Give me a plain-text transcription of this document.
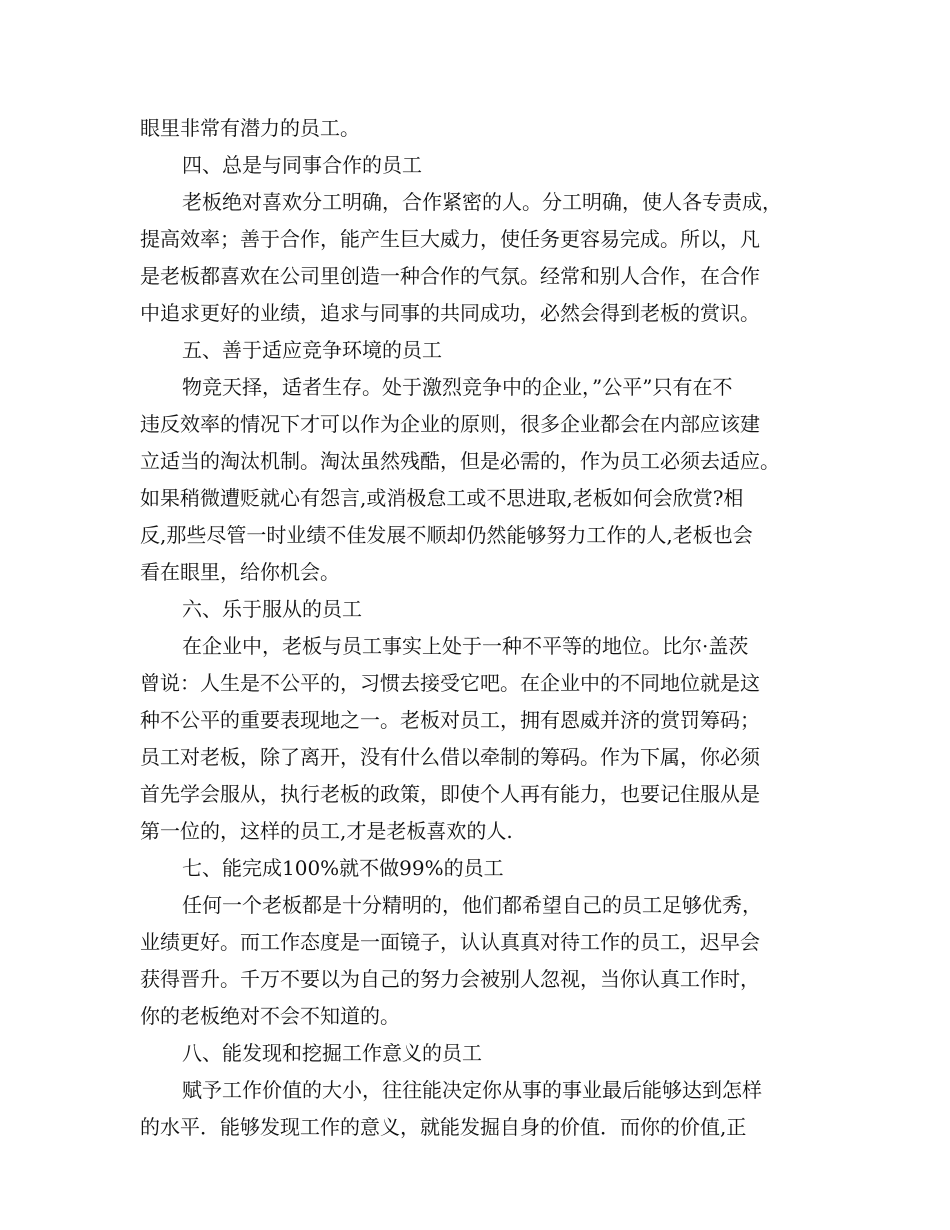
眼里非常有潜力的员工。

四、总是与同事合作的员工

老板绝对喜欢分工明确，合作紧密的人。分工明确，使人各专责成，

提高效率；善于合作，能产生巨大威力，使任务更容易完成。所以，凡

是老板都喜欢在公司里创造一种合作的气氛。经常和别人合作，在合作

中追求更好的业绩，追求与同事的共同成功，必然会得到老板的赏识。

五、善于适应竞争环境的员工

物竞天择，适者生存。处于激烈竞争中的企业，”公平”只有在不

违反效率的情况下才可以作为企业的原则，很多企业都会在内部应该建

立适当的淘汰机制。淘汰虽然残酷，但是必需的，作为员工必须去适应。

如果稍微遭贬就心有怨言,或消极怠工或不思进取,老板如何会欣赏?相

反,那些尽管一时业绩不佳发展不顺却仍然能够努力工作的人,老板也会

看在眼里，给你机会。

六、乐于服从的员工

在企业中，老板与员工事实上处于一种不平等的地位。比尔·盖茨

曾说：人生是不公平的，习惯去接受它吧。在企业中的不同地位就是这

种不公平的重要表现地之一。老板对员工，拥有恩威并济的赏罚筹码；

员工对老板，除了离开，没有什么借以牵制的筹码。作为下属，你必须

首先学会服从，执行老板的政策，即使个人再有能力，也要记住服从是

第一位的，这样的员工,才是老板喜欢的人.

七、能完成100%就不做99%的员工

任何一个老板都是十分精明的，他们都希望自己的员工足够优秀，

业绩更好。而工作态度是一面镜子，认认真真对待工作的员工，迟早会

获得晋升。千万不要以为自己的努力会被别人忽视，当你认真工作时，

你的老板绝对不会不知道的。

八、能发现和挖掘工作意义的员工

赋予工作价值的大小，往往能决定你从事的事业最后能够达到怎样

的水平．能够发现工作的意义，就能发掘自身的价值．而你的价值,正
